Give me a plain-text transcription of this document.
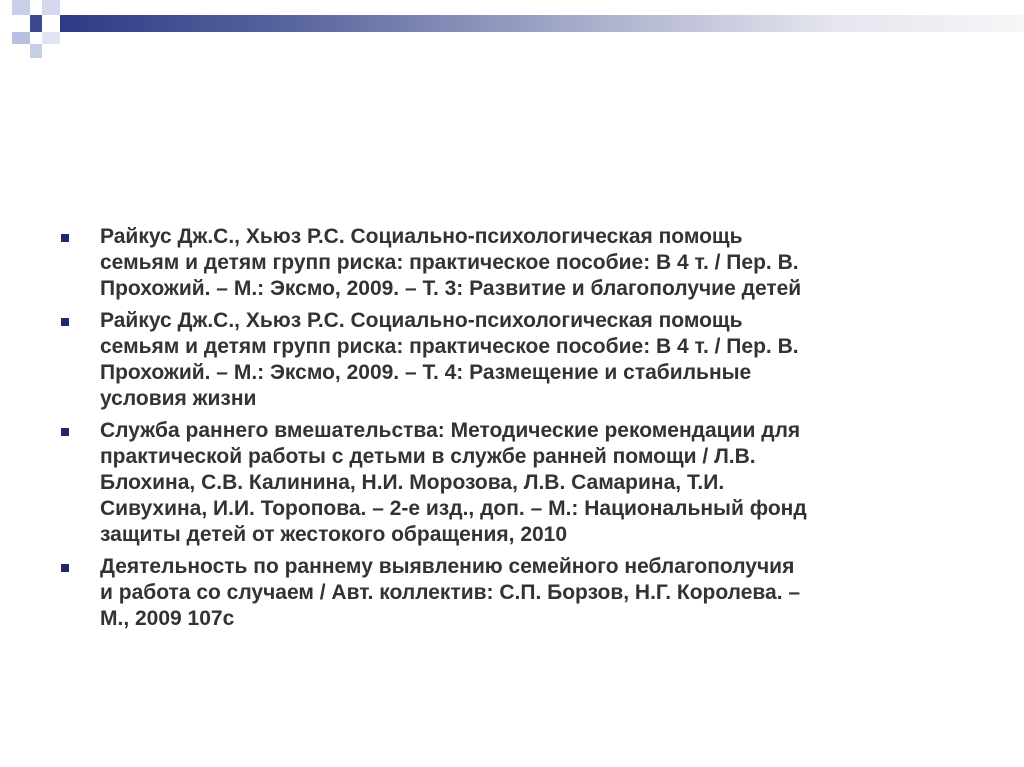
Райкус Дж.С., Хьюз Р.С. Социально-психологическая помощь
семьям и детям групп риска: практическое пособие: В 4 т. / Пер. В.
Прохожий. – М.: Эксмо, 2009. – Т. 3: Развитие и благополучие детей
Райкус Дж.С., Хьюз Р.С. Социально-психологическая помощь
семьям и детям групп риска: практическое пособие: В 4 т. / Пер. В.
Прохожий. – М.: Эксмо, 2009. – Т. 4: Размещение и стабильные
условия жизни
Служба раннего вмешательства: Методические рекомендации для
практической работы с детьми в службе ранней помощи / Л.В.
Блохина, С.В. Калинина, Н.И. Морозова, Л.В. Самарина, Т.И.
Сивухина, И.И. Торопова. – 2-е изд., доп. – М.: Национальный фонд
защиты детей от жестокого обращения, 2010
Деятельность по раннему выявлению семейного неблагополучия
и работа со случаем / Авт. коллектив: С.П. Борзов, Н.Г. Королева. –
М., 2009 107с
